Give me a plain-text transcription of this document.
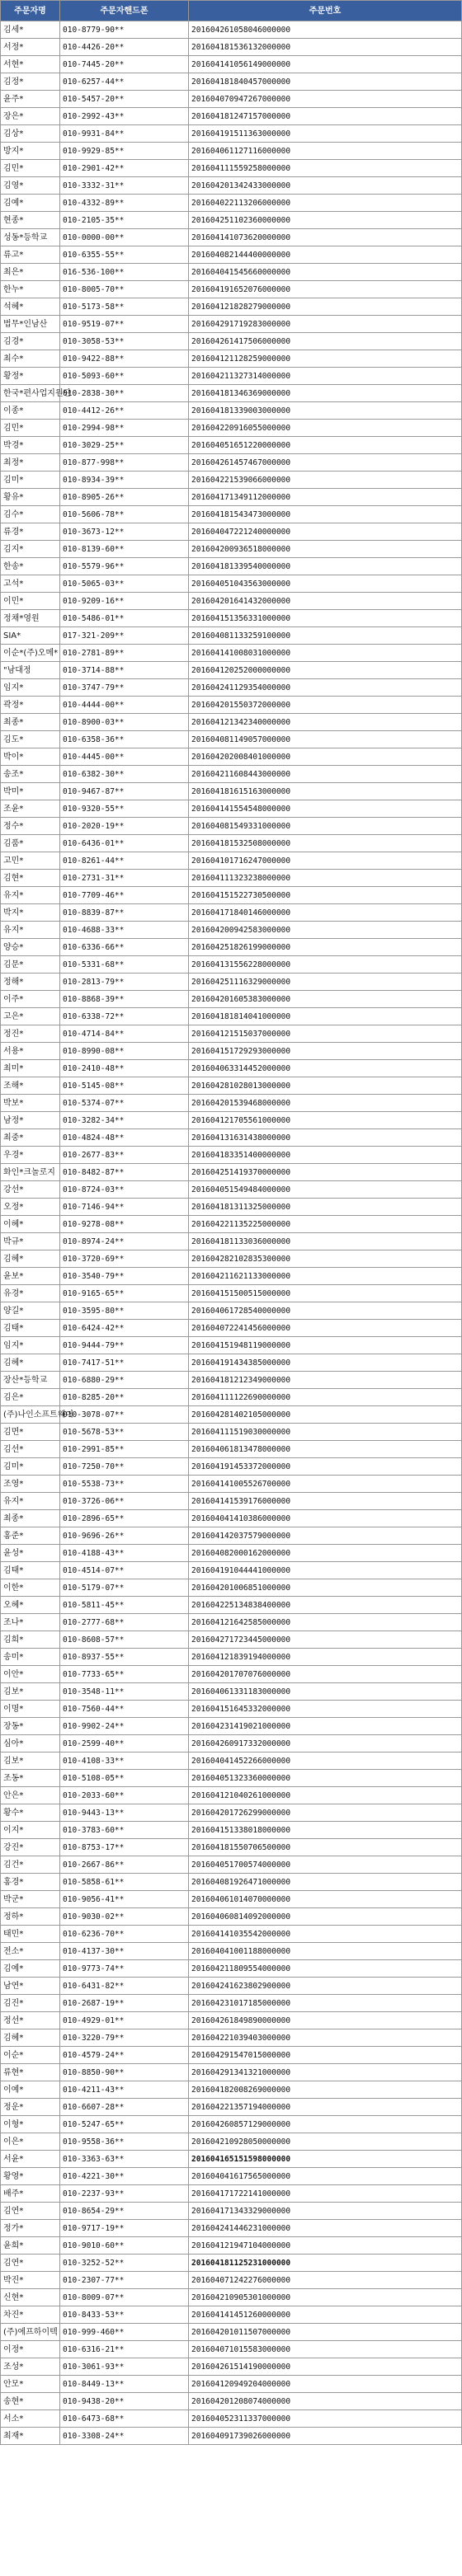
주문자명	주문자핸드폰	주문번호
김세*	010-8779-90**	201604261058046000000
서정*	010-4426-20**	201604181536132000000
서현*	010-7445-20**	201604141056149000000
김정*	010-6257-44**	201604181840457000000
윤주*	010-5457-20**	201604070947267000000
장은*	010-2992-43**	201604181247157000000
김상*	010-9931-84**	201604191511363000000
방지*	010-9929-85**	201604061127116000000
김민*	010-2901-42**	201604111559258000000
김영*	010-3332-31**	201604201342433000000
김예*	010-4332-89**	201604022113206000000
현종*	010-2105-35**	201604251102360000000
성동*등학교	010-0000-00**	201604141073620000000
류고*	010-6355-55**	201604082144400000000
최은*	016-536-100**	201604041545660000000
한누*	010-8005-70**	201604191652076000000
석혜*	010-5173-58**	201604121828279000000
법무*인남산	010-9519-07**	201604291719283000000
김경*	010-3058-53**	201604261417506000000
최수*	010-9422-88**	201604121128259000000
황정*	010-5093-60**	201604211327314000000
한국*편사업지원단	010-2838-30**	201604181346369000000
이종*	010-4412-26**	201604181339003000000
김민*	010-2994-98**	201604220916055000000
박경*	010-3029-25**	201604051651220000000
최정*	010-877-998**	201604261457467000000
김미*	010-8934-39**	201604221539066000000
황유*	010-8905-26**	201604171349112000000
김수*	010-5606-78**	201604181543473000000
류경*	010-3673-12**	201604047221240000000
김지*	010-8139-60**	201604200936518000000
한송*	010-5579-96**	201604181339540000000
고석*	010-5065-03**	201604051043563000000
이민*	010-9209-16**	201604201641432000000
정채*영원	010-5486-01**	201604151356331000000
SIA*	017-321-209**	201604081133259100000
이순*(주)오메*	010-2781-89**	201604141008031000000
"남대정	010-3714-88**	201604120252000000000
임지*	010-3747-79**	201604241129354000000
곽정*	010-4444-00**	201604201550372000000
최종*	010-8900-03**	201604121342340000000
김도*	010-6358-36**	201604081149057000000
박이*	010-4445-00**	201604202008401000000
송조*	010-6382-30**	201604211608443000000
박미*	010-9467-87**	201604181615163000000
조윤*	010-9320-55**	201604141554548000000
정수*	010-2020-19**	201604081549331000000
김품*	010-6436-01**	201604181532508000000
고민*	010-8261-44**	201604101716247000000
김현*	010-2731-31**	201604111323238000000
유지*	010-7709-46**	201604151522730500000
박지*	010-8839-87**	201604171840146000000
유지*	010-4688-33**	201604200942583000000
양승*	010-6336-66**	201604251826199000000
김문*	010-5331-68**	201604131556228000000
정해*	010-2813-79**	201604251116329000000
이주*	010-8868-39**	201604201605383000000
고은*	010-6338-72**	201604181814041000000
정진*	010-4714-84**	201604121515037000000
서용*	010-8990-08**	201604151729293000000
최미*	010-2410-48**	201604063314452000000
조해*	010-5145-08**	201604281028013000000
박보*	010-5374-07**	201604201539468000000
남정*	010-3282-34**	201604121705561000000
최중*	010-4824-48**	201604131631438000000
우경*	010-2677-83**	201604183351400000000
화인*크놀로지	010-8482-87**	201604251419370000000
강선*	010-8724-03**	201604051549484000000
오정*	010-7146-94**	201604181311325000000
이혜*	010-9278-08**	201604221135225000000
박규*	010-8974-24**	201604181133036000000
김혜*	010-3720-69**	201604282102835300000
윤보*	010-3540-79**	201604211621133000000
유경*	010-9165-65**	201604151500515000000
양길*	010-3595-80**	201604061728540000000
김태*	010-6424-42**	201604072241456000000
임지*	010-9444-79**	201604151948119000000
김혜*	010-7417-51**	201604191434385000000
장산*등학교	010-6880-29**	201604181212349000000
김은*	010-8285-20**	201604111122690000000
(주)나인소프트웨어	010-3078-07**	201604281402105000000
김면*	010-5678-53**	201604111519030000000
김선*	010-2991-85**	201604061813478000000
김미*	010-7250-70**	201604191453372000000
조영*	010-5538-73**	201604141005526700000
유지*	010-3726-06**	201604141539176000000
최종*	010-2896-65**	201604041410386000000
홍준*	010-9696-26**	201604142037579000000
윤성*	010-4188-43**	201604082000162000000
김태*	010-4514-07**	201604191044441000000
이한*	010-5179-07**	201604201006851000000
오혜*	010-5811-45**	201604225134838400000
조나*	010-2777-68**	201604121642585000000
김희*	010-8608-57**	201604271723445000000
송미*	010-8937-55**	201604121839194000000
이안*	010-7733-65**	201604201707076000000
김보*	010-3548-11**	201604061331183000000
이명*	010-7560-44**	201604151645332000000
장동*	010-9902-24**	201604231419021000000
심아*	010-2599-40**	201604260917332000000
김보*	010-4108-33**	201604041452266000000
조동*	010-5108-05**	201604051323360000000
안은*	010-2033-60**	201604121040261000000
황수*	010-9443-13**	201604201726299000000
이지*	010-3783-60**	201604151338018000000
강진*	010-8753-17**	201604181550706500000
김건*	010-2667-86**	201604051700574000000
홍경*	010-5858-61**	201604081926471000000
박군*	010-9056-41**	201604061014070000000
정하*	010-9030-02**	201604060814092000000
태민*	010-6236-70**	201604141035542000000
전소*	010-4137-30**	201604041001188000000
김예*	010-9773-74**	201604211809554000000
남연*	010-6431-82**	201604241623802900000
김진*	010-2687-19**	201604231017185000000
정선*	010-4929-01**	201604261849890000000
김혜*	010-3220-79**	201604221039403000000
이순*	010-4579-24**	201604291547015000000
류현*	010-8850-90**	201604291341321000000
이예*	010-4211-43**	201604182008269000000
정운*	010-6607-28**	201604221357194000000
이형*	010-5247-65**	201604260857129000000
이은*	010-9558-36**	201604210928050000000
서윤*	010-3363-63**	201604165151598000000
황영*	010-4221-30**	201604041617565000000
배주*	010-2237-93**	201604171722141000000
김연*	010-8654-29**	201604171343329000000
정가*	010-9717-19**	201604241446231000000
윤희*	010-9010-60**	201604121947104000000
김연*	010-3252-52**	201604181125231000000
박진*	010-2307-77**	201604071242276000000
신현*	010-8009-07**	201604210905301000000
차진*	010-8433-53**	201604141451260000000
(주)에프하이텍	010-999-460**	201604201011507000000
이정*	010-6316-21**	201604071015583000000
조성*	010-3061-93**	201604261514190000000
안모*	010-8449-13**	201604120949204000000
송현*	010-9438-20**	201604201208074000000
서소*	010-6473-68**	201604052311337000000
최재*	010-3308-24**	201604091739026000000
